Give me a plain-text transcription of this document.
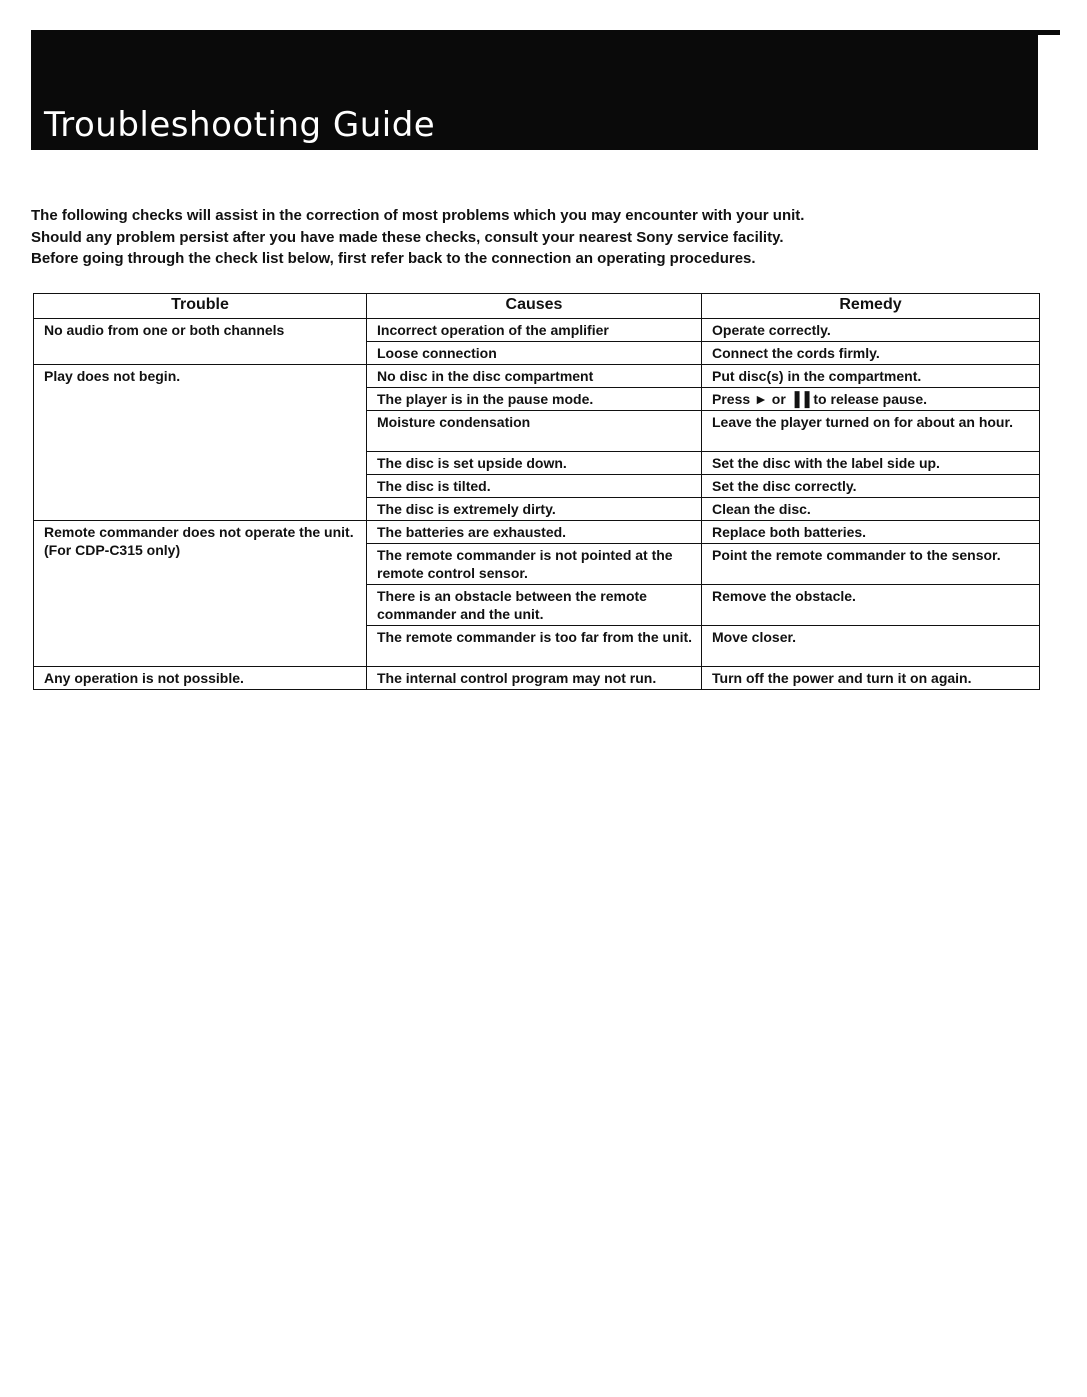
Troubleshooting Guide

The following checks will assist in the correction of most problems which you may encounter with your unit.
Should any problem persist after you have made these checks, consult your nearest Sony service facility.
Before going through the check list below, first refer back to the connection an operating procedures.

Trouble	Causes	Remedy
No audio from one or both channels	Incorrect operation of the amplifier	Operate correctly.
	Loose connection	Connect the cords firmly.
Play does not begin.	No disc in the disc compartment	Put disc(s) in the compartment.
	The player is in the pause mode.	Press ► or ▐▐ to release pause.
	Moisture condensation	Leave the player turned on for about an hour.
	The disc is set upside down.	Set the disc with the label side up.
	The disc is tilted.	Set the disc correctly.
	The disc is extremely dirty.	Clean the disc.
Remote commander does not operate the unit. (For CDP-C315 only)	The batteries are exhausted.	Replace both batteries.
	The remote commander is not pointed at the remote control sensor.	Point the remote commander to the sensor.
	There is an obstacle between the remote commander and the unit.	Remove the obstacle.
	The remote commander is too far from the unit.	Move closer.
Any operation is not possible.	The internal control program may not run.	Turn off the power and turn it on again.
